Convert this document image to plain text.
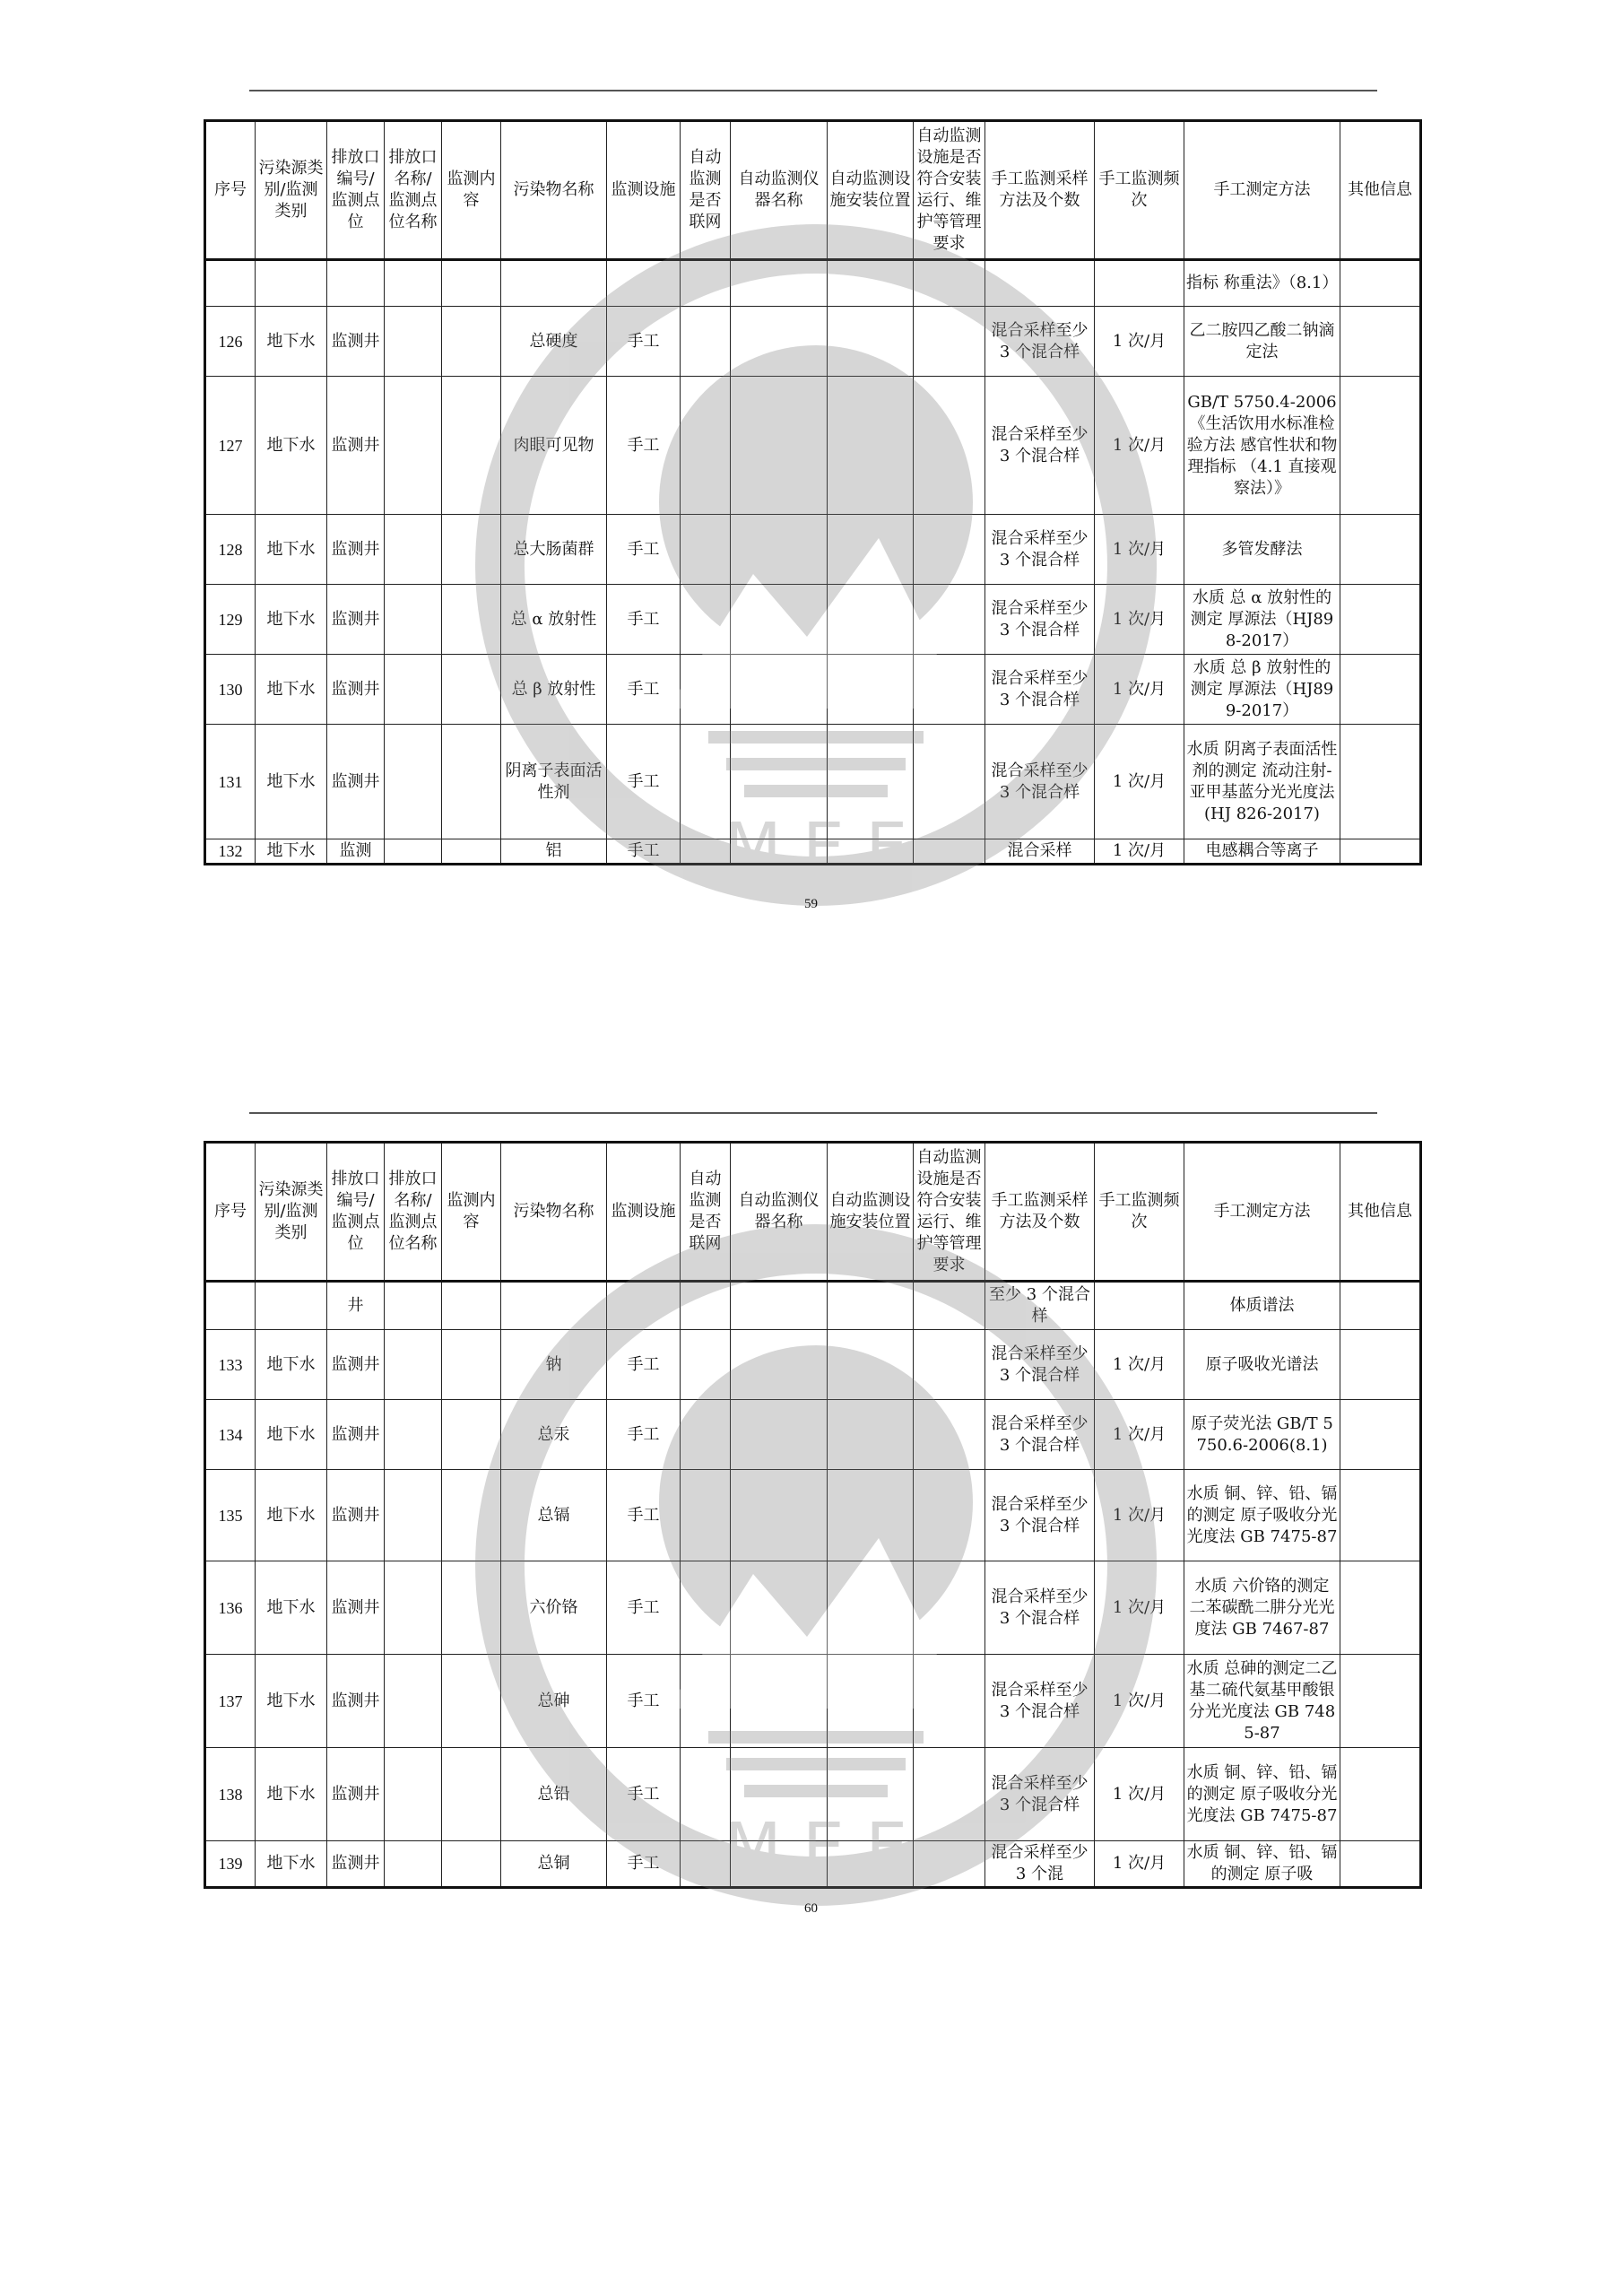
序号	污染源类别/监测类别	排放口编号/监测点位	排放口名称/监测点位名称	监测内容	污染物名称	监测设施	自动监测是否联网	自动监测仪器名称	自动监测设施安装位置	自动监测设施是否符合安装运行、维护等管理要求	手工监测采样方法及个数	手工监测频次	手工测定方法	其他信息
													指标 称重法》（8.1）	
126	地下水	监测井			总硬度	手工					混合采样至少 3 个混合样	1 次/月	乙二胺四乙酸二钠滴定法	
127	地下水	监测井			肉眼可见物	手工					混合采样至少 3 个混合样	1 次/月	GB/T 5750.4-2006《生活饮用水标准检验方法 感官性状和物理指标 （4.1 直接观察法）》	
128	地下水	监测井			总大肠菌群	手工					混合采样至少 3 个混合样	1 次/月	多管发酵法	
129	地下水	监测井			总 α 放射性	手工					混合采样至少 3 个混合样	1 次/月	水质 总 α 放射性的测定 厚源法（HJ898-2017）	
130	地下水	监测井			总 β 放射性	手工					混合采样至少 3 个混合样	1 次/月	水质 总 β 放射性的测定 厚源法（HJ899-2017）	
131	地下水	监测井			阴离子表面活性剂	手工					混合采样至少 3 个混合样	1 次/月	水质 阴离子表面活性剂的测定 流动注射-亚甲基蓝分光光度法(HJ 826-2017)	
132	地下水	监测			铝	手工					混合采样	1 次/月	电感耦合等离子	
M E E
59
序号	污染源类别/监测类别	排放口编号/监测点位	排放口名称/监测点位名称	监测内容	污染物名称	监测设施	自动监测是否联网	自动监测仪器名称	自动监测设施安装位置	自动监测设施是否符合安装运行、维护等管理要求	手工监测采样方法及个数	手工监测频次	手工测定方法	其他信息
		井									至少 3 个混合样		体质谱法	
133	地下水	监测井			钠	手工					混合采样至少 3 个混合样	1 次/月	原子吸收光谱法	
134	地下水	监测井			总汞	手工					混合采样至少 3 个混合样	1 次/月	原子荧光法 GB/T 5750.6-2006(8.1)	
135	地下水	监测井			总镉	手工					混合采样至少 3 个混合样	1 次/月	水质 铜、锌、铅、镉的测定 原子吸收分光光度法 GB 7475-87	
136	地下水	监测井			六价铬	手工					混合采样至少 3 个混合样	1 次/月	水质 六价铬的测定 二苯碳酰二肼分光光度法 GB 7467-87	
137	地下水	监测井			总砷	手工					混合采样至少 3 个混合样	1 次/月	水质 总砷的测定二乙基二硫代氨基甲酸银分光光度法 GB 7485-87	
138	地下水	监测井			总铅	手工					混合采样至少 3 个混合样	1 次/月	水质 铜、锌、铅、镉的测定 原子吸收分光光度法 GB 7475-87	
139	地下水	监测井			总铜	手工					混合采样至少 3 个混	1 次/月	水质 铜、锌、铅、镉的测定 原子吸	
M E E
60
